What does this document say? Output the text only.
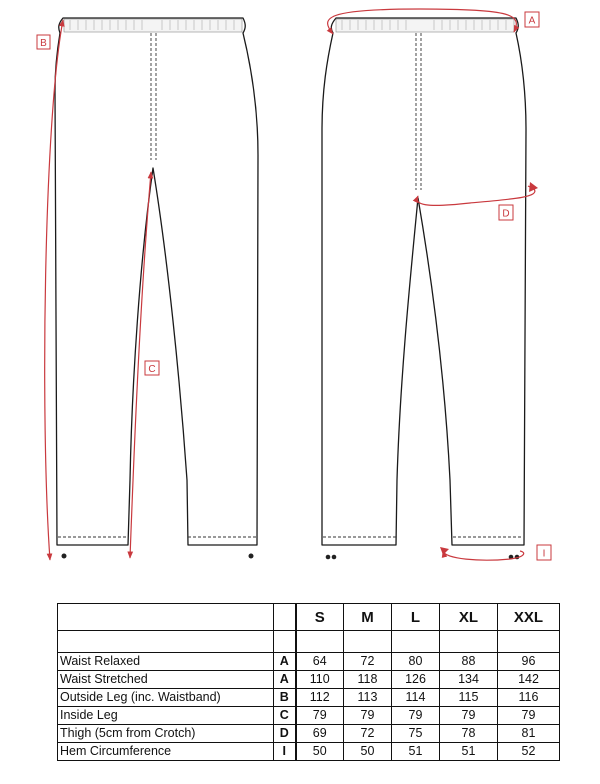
B
C
A
D
I
		S	M	L	XL	XXL

Waist Relaxed	A	64	72	80	88	96
Waist Stretched	A	110	118	126	134	142
Outside Leg (inc. Waistband)	B	112	113	114	115	116
Inside Leg	C	79	79	79	79	79
Thigh (5cm from Crotch)	D	69	72	75	78	81
Hem Circumference	I	50	50	51	51	52
